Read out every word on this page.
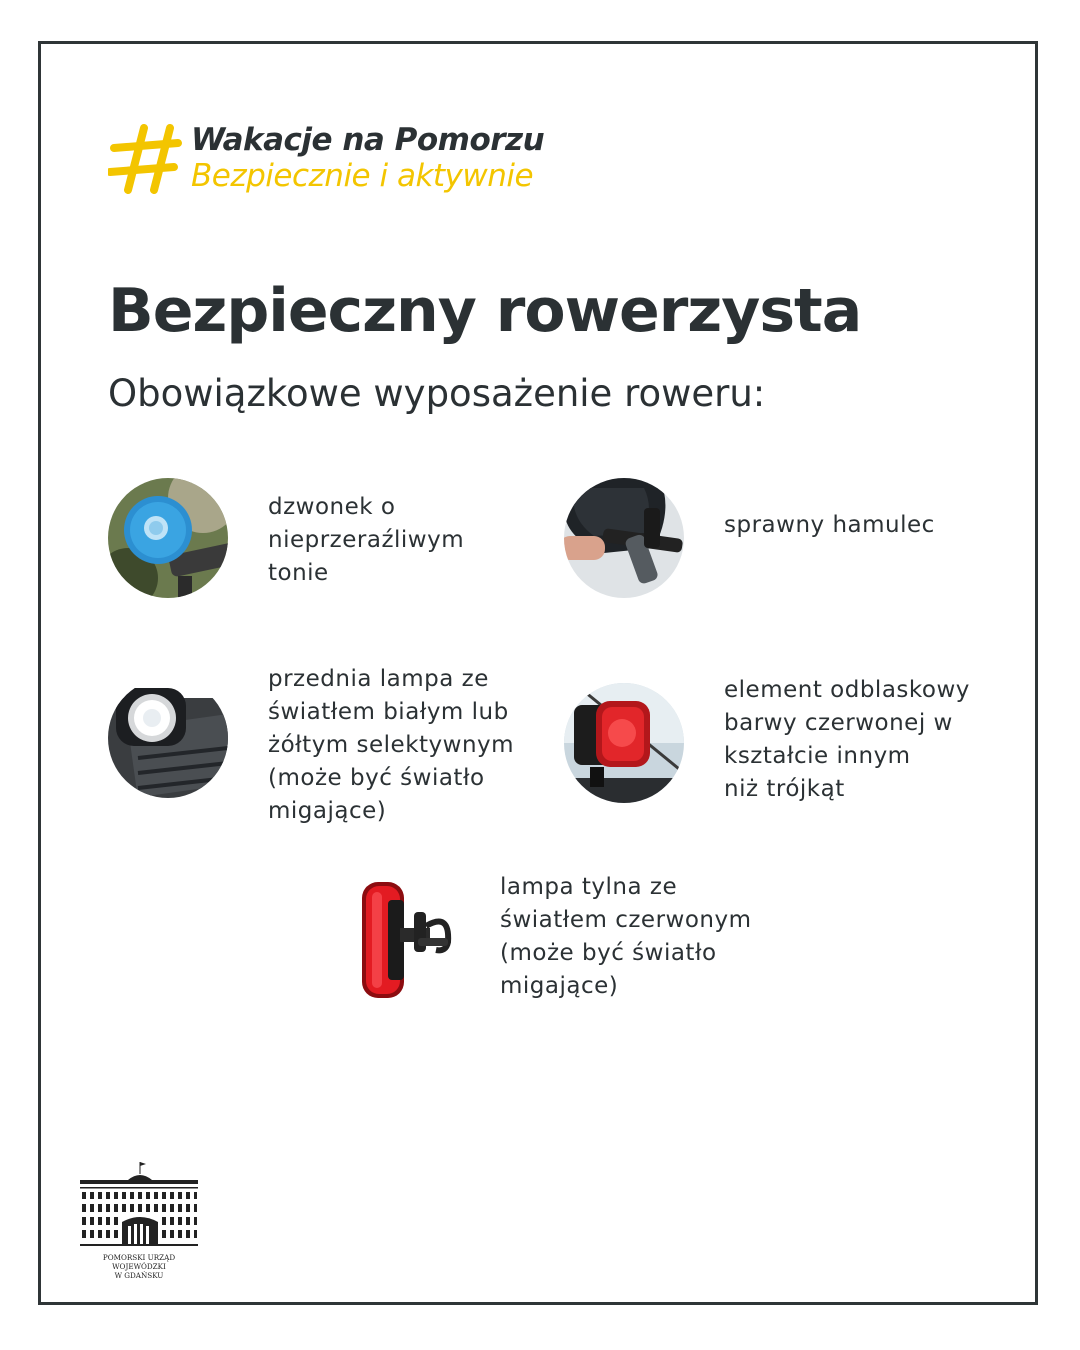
Wakacje na Pomorzu
Bezpiecznie i aktywnie
Bezpieczny rowerzysta
Obowiązkowe wyposażenie roweru:
dzwonek o
nieprzeraźliwym
tonie
sprawny hamulec
przednia lampa ze
światłem białym lub
żółtym selektywnym
(może być światło
migające)
element odblaskowy
barwy czerwonej w
kształcie innym
niż trójkąt
lampa tylna ze
światłem czerwonym
(może być światło
migające)
POMORSKI URZĄD WOJEWÓDZKI
W GDAŃSKU
